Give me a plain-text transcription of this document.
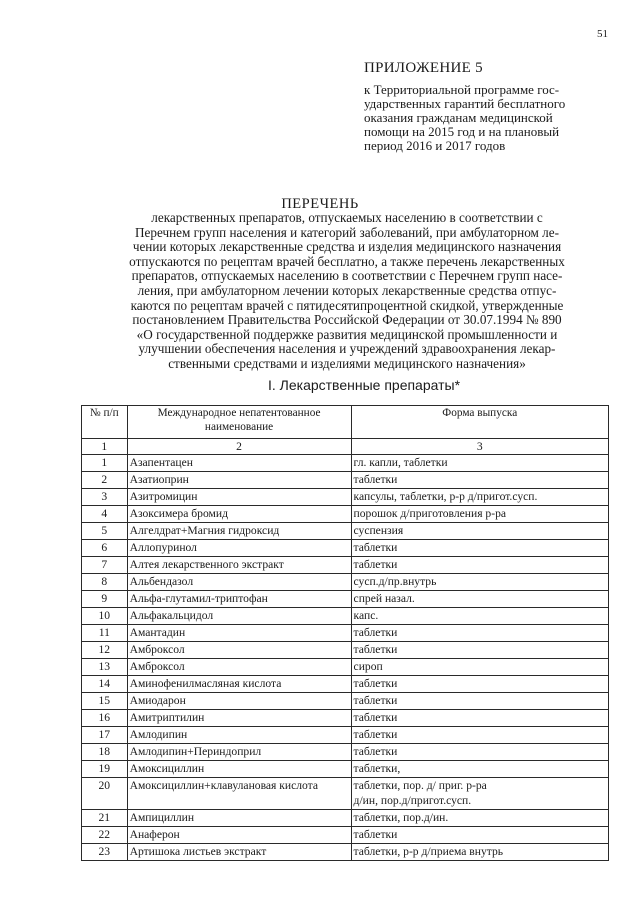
51
ПРИЛОЖЕНИЕ 5
к Территориальной программе гос-
ударственных гарантий бесплатного
оказания гражданам медицинской
помощи на 2015 год и на плановый
период 2016 и 2017 годов
ПЕРЕЧЕНЬ
лекарственных препаратов, отпускаемых населению в соответствии с
Перечнем групп населения и категорий заболеваний, при амбулаторном ле-
чении которых лекарственные средства и изделия медицинского назначения
отпускаются по рецептам врачей бесплатно, а также перечень лекарственных
препаратов, отпускаемых населению в соответствии с Перечнем групп насе-
ления, при амбулаторном лечении которых лекарственные средства отпус-
каются по рецептам врачей с пятидесятипроцентной скидкой, утвержденные
постановлением Правительства Российской Федерации от 30.07.1994 № 890
«О государственной поддержке развития медицинской промышленности и
улучшении обеспечения населения и учреждений здравоохранения лекар-
ственными средствами и изделиями медицинского назначения»
I. Лекарственные препараты*
№ п/п	Международное непатентованное наименование	Форма выпуска
1	2	3
1	Азапентацен	гл. капли, таблетки

2	Азатиоприн	таблетки

3	Азитромицин	капсулы, таблетки, р-р д/пригот.сусп.

4	Азоксимера бромид	порошок д/приготовления р-ра

5	Алгелдрат+Магния гидроксид	суспензия

6	Аллопуринол	таблетки

7	Алтея лекарственного экстракт	таблетки

8	Альбендазол	сусп.д/пр.внутрь

9	Альфа-глутамил-триптофан	спрей назал.

10	Альфакальцидол	капс.

11	Амантадин	таблетки

12	Амброксол	таблетки

13	Амброксол	сироп

14	Аминофенилмасляная кислота	таблетки

15	Амиодарон	таблетки

16	Амитриптилин	таблетки

17	Амлодипин	таблетки

18	Амлодипин+Периндоприл	таблетки

19	Амоксициллин	таблетки,

20	Амоксициллин+клавулановая кислота	таблетки, пор. д/ приг. р-ра
д/ин, пор.д/пригот.сусп.

21	Ампициллин	таблетки, пор.д/ин.

22	Анаферон	таблетки

23	Артишока листьев экстракт	таблетки, р-р д/приема внутрь
